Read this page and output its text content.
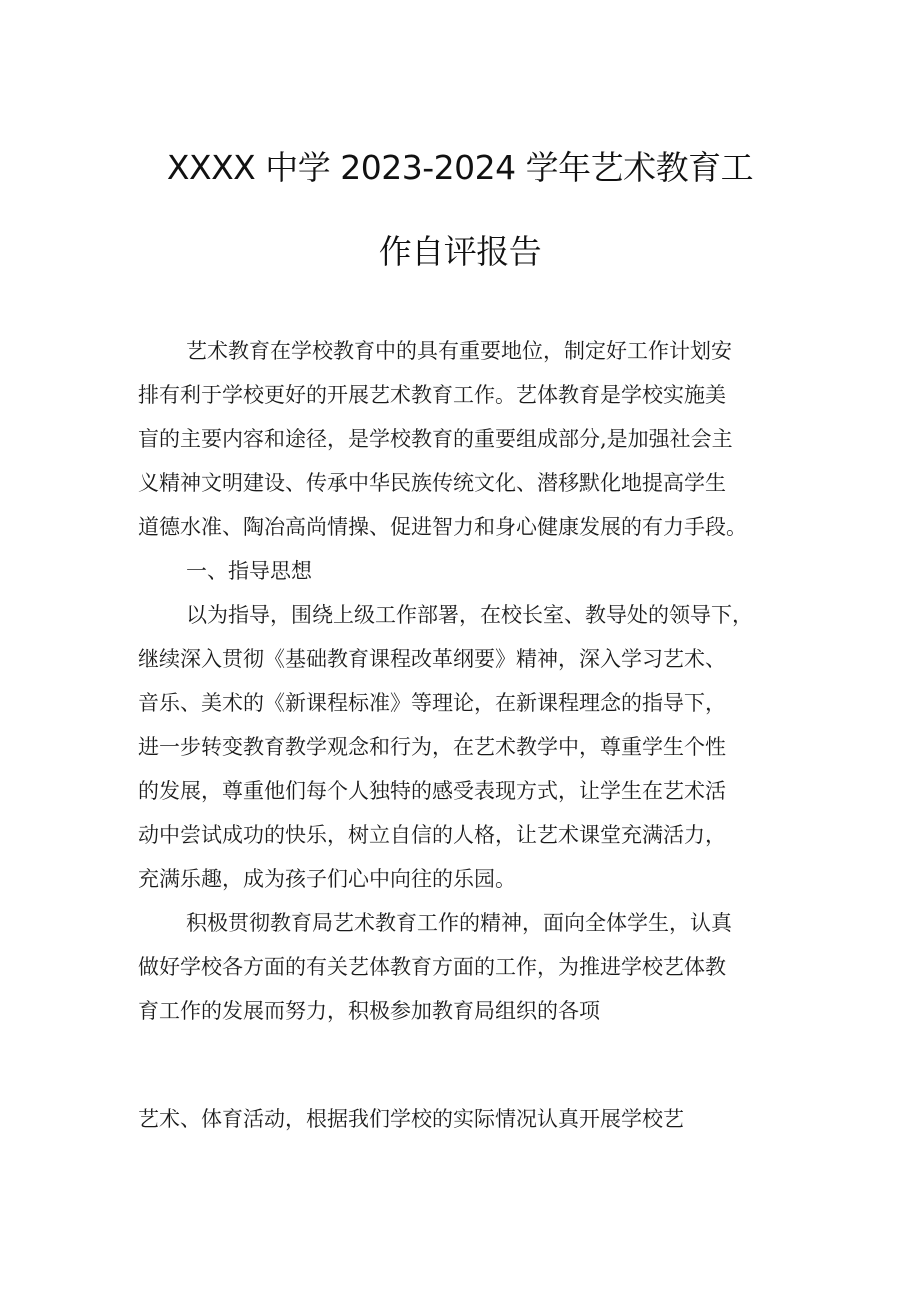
XXXX 中学 2023-2024 学年艺术教育工
作自评报告
艺术教育在学校教育中的具有重要地位，制定好工作计划安
排有利于学校更好的开展艺术教育工作。艺体教育是学校实施美
盲的主要内容和途径，是学校教育的重要组成部分,是加强社会主
义精神文明建设、传承中华民族传统文化、潜移默化地提高学生
道德水准、陶冶高尚情操、促进智力和身心健康发展的有力手段。
一、指导思想
以为指导，围绕上级工作部署，在校长室、教导处的领导下，
继续深入贯彻《基础教育课程改革纲要》精神，深入学习艺术、
音乐、美术的《新课程标准》等理论，在新课程理念的指导下，
进一步转变教育教学观念和行为，在艺术教学中，尊重学生个性
的发展，尊重他们每个人独特的感受表现方式，让学生在艺术活
动中尝试成功的快乐，树立自信的人格，让艺术课堂充满活力，
充满乐趣，成为孩子们心中向往的乐园。
积极贯彻教育局艺术教育工作的精神，面向全体学生，认真
做好学校各方面的有关艺体教育方面的工作，为推进学校艺体教
育工作的发展而努力，积极参加教育局组织的各项
艺术、体育活动，根据我们学校的实际情况认真开展学校艺
